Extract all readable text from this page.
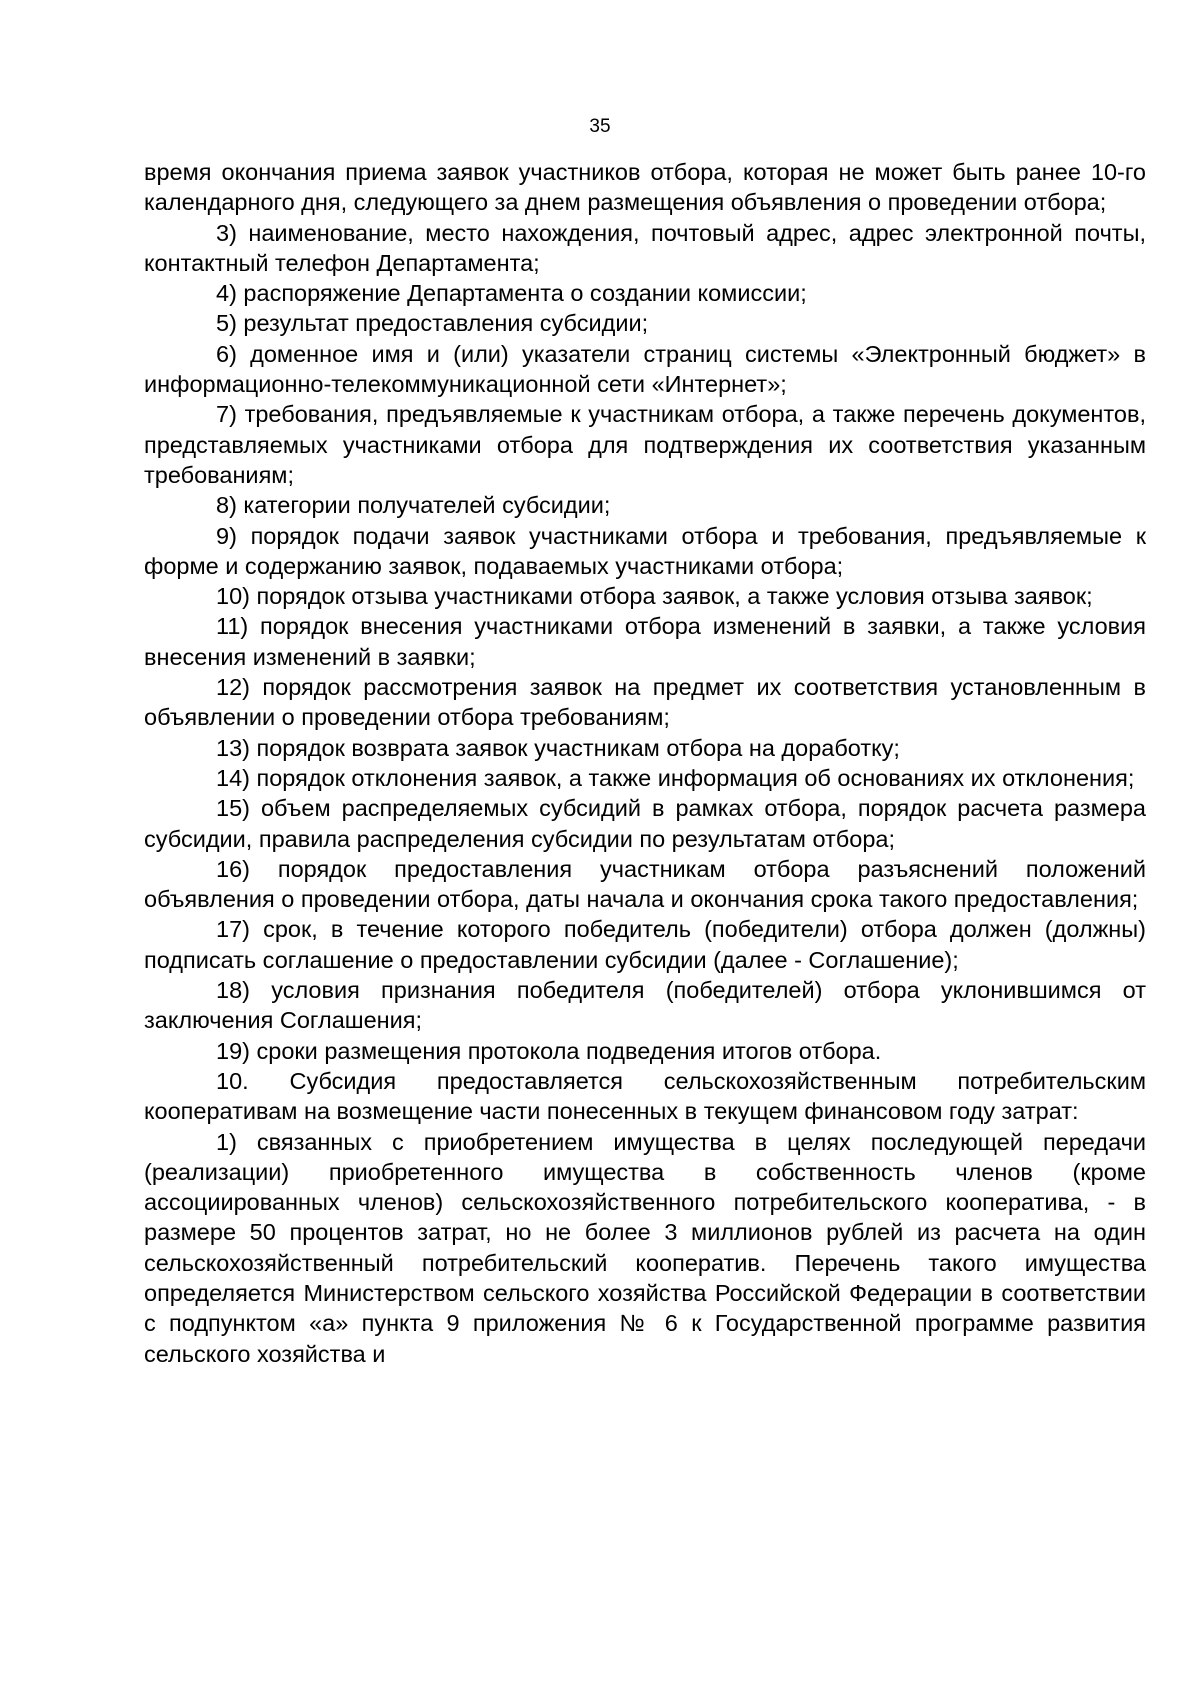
35

время окончания приема заявок участников отбора, которая не может быть ранее 10-го календарного дня, следующего за днем размещения объявления о проведении отбора;

3) наименование, место нахождения, почтовый адрес, адрес электронной почты, контактный телефон Департамента;

4) распоряжение Департамента о создании комиссии;

5) результат предоставления субсидии;

6) доменное имя и (или) указатели страниц системы «Электронный бюджет» в информационно-телекоммуникационной сети «Интернет»;

7) требования, предъявляемые к участникам отбора, а также перечень документов, представляемых участниками отбора для подтверждения их соответствия указанным требованиям;

8) категории получателей субсидии;

9) порядок подачи заявок участниками отбора и требования, предъявляемые к форме и содержанию заявок, подаваемых участниками отбора;

10) порядок отзыва участниками отбора заявок, а также условия отзыва заявок;

11) порядок внесения участниками отбора изменений в заявки, а также условия внесения изменений в заявки;

12) порядок рассмотрения заявок на предмет их соответствия установленным в объявлении о проведении отбора требованиям;

13) порядок возврата заявок участникам отбора на доработку;

14) порядок отклонения заявок, а также информация об основаниях их отклонения;

15) объем распределяемых субсидий в рамках отбора, порядок расчета размера субсидии, правила распределения субсидии по результатам отбора;

16) порядок предоставления участникам отбора разъяснений положений объявления о проведении отбора, даты начала и окончания срока такого предоставления;

17) срок, в течение которого победитель (победители) отбора должен (должны) подписать соглашение о предоставлении субсидии (далее - Соглашение);

18) условия признания победителя (победителей) отбора уклонившимся от заключения Соглашения;

19) сроки размещения протокола подведения итогов отбора.

10. Субсидия предоставляется сельскохозяйственным потребительским кооперативам на возмещение части понесенных в текущем финансовом году затрат:

1) связанных с приобретением имущества в целях последующей передачи (реализации) приобретенного имущества в собственность членов (кроме ассоциированных членов) сельскохозяйственного потребительского кооператива, - в размере 50 процентов затрат, но не более 3 миллионов рублей из расчета на один сельскохозяйственный потребительский кооператив. Перечень такого имущества определяется Министерством сельского хозяйства Российской Федерации в соответствии с подпунктом «а» пункта 9 приложения № 6 к Государственной программе развития сельского хозяйства и
